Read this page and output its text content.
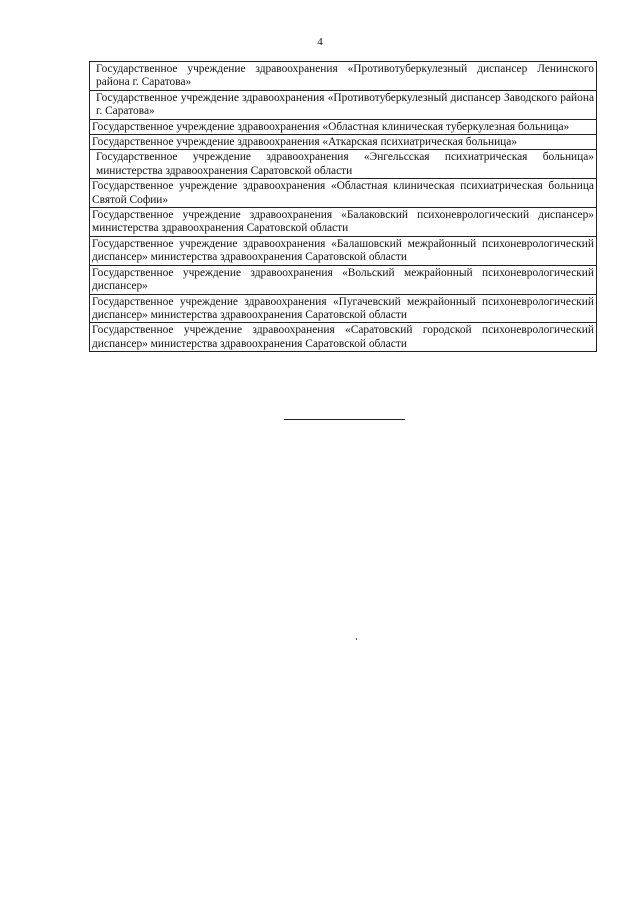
4
Государственное учреждение здравоохранения «Противотуберкулезный диспансер Ленинского района г. Саратова»
Государственное учреждение здравоохранения «Противотуберкулезный диспансер Заводского района г. Саратова»
Государственное учреждение здравоохранения «Областная клиническая туберкулезная больница»
Государственное учреждение здравоохранения «Аткарская психиатрическая больница»
Государственное учреждение здравоохранения «Энгельсская психиатрическая больница» министерства здравоохранения Саратовской области
Государственное учреждение здравоохранения «Областная клиническая психиатрическая больница Святой Софии»
Государственное учреждение здравоохранения «Балаковский психоневрологический диспансер» министерства здравоохранения Саратовской области
Государственное учреждение здравоохранения «Балашовский межрайонный психоневрологический диспансер» министерства здравоохранения Саратовской области
Государственное учреждение здравоохранения «Вольский межрайонный психоневрологический диспансер»
Государственное учреждение здравоохранения «Пугачевский межрайонный психоневрологический диспансер» министерства здравоохранения Саратовской области
Государственное учреждение здравоохранения «Саратовский городской психоневрологический диспансер» министерства здравоохранения Саратовской области
